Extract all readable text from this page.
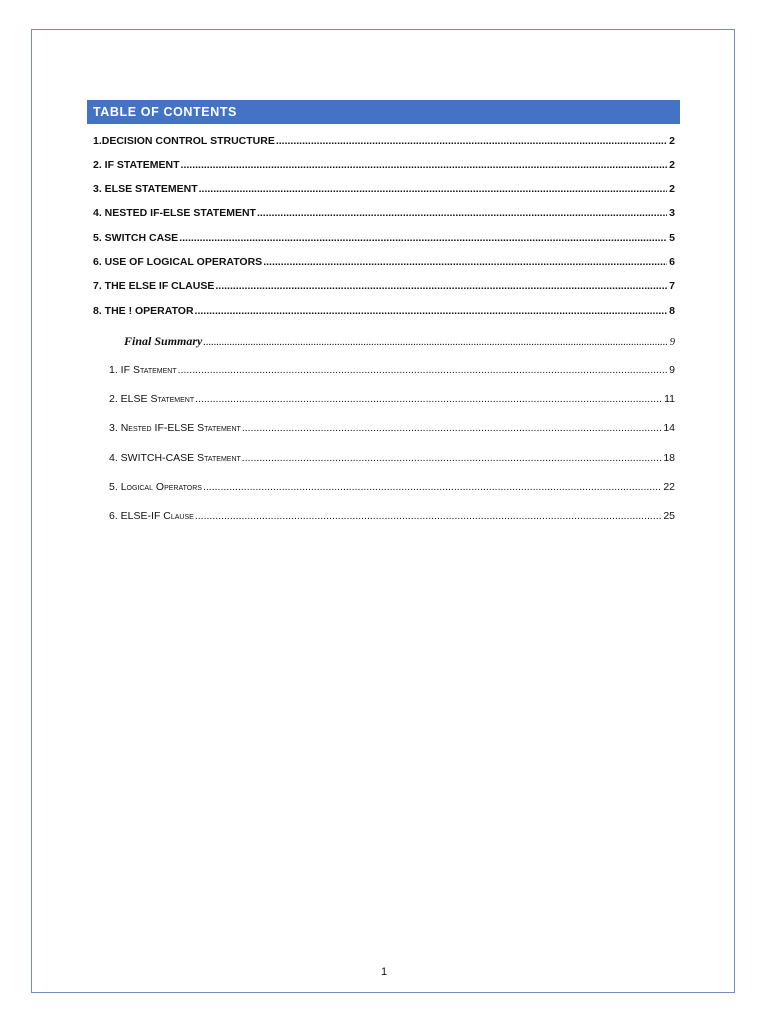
TABLE OF CONTENTS
1.DECISION CONTROL STRUCTURE .....	2
2. IF STATEMENT .....	2
3. ELSE STATEMENT .....	2
4. NESTED IF-ELSE STATEMENT .....	3
5. SWITCH CASE .....	5
6. USE OF LOGICAL OPERATORS .....	6
7. THE ELSE IF CLAUSE .....	7
8. THE ! OPERATOR .....	8
Final Summary .....	9
1. IF Statement .....	9
2. ELSE Statement .....	11
3. Nested IF-ELSE Statement .....	14
4. SWITCH-CASE Statement .....	18
5. Logical Operators .....	22
6. ELSE-IF Clause .....	25
1
